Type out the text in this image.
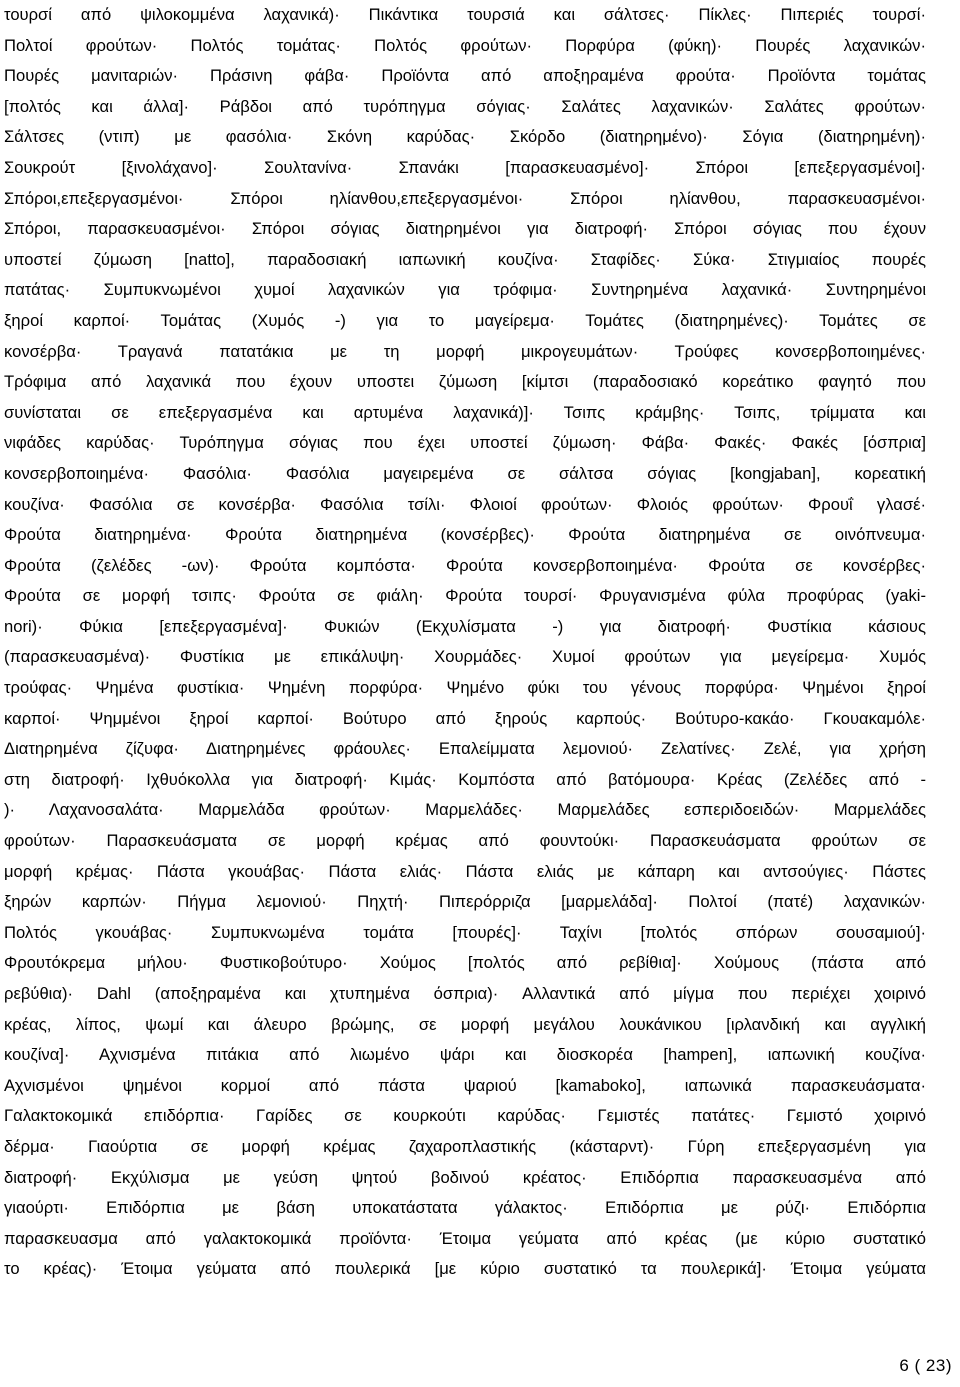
τουρσί από ψιλοκομμένα λαχανικά)· Πικάντικα τουρσιά και σάλτσες· Πίκλες· Πιπεριές τουρσί·
Πολτοί φρούτων· Πολτός τομάτας· Πολτός φρούτων· Πορφύρα (φύκη)· Πουρές λαχανικών·
Πουρές μανιταριών· Πράσινη φάβα· Προϊόντα από αποξηραμένα φρούτα· Προϊόντα τομάτας
[πολτός και άλλα]· Ράβδοι από τυρόπηγμα σόγιας· Σαλάτες λαχανικών· Σαλάτες φρούτων·
Σάλτσες (ντιπ) με φασόλια· Σκόνη καρύδας· Σκόρδο (διατηρημένο)· Σόγια (διατηρημένη)·
Σουκρούτ [ξινολάχανο]· Σουλτανίνα· Σπανάκι [παρασκευασμένο]· Σπόροι [επεξεργασμένοι]·
Σπόροι,επεξεργασμένοι· Σπόροι ηλίανθου,επεξεργασμένοι· Σπόροι ηλίανθου, παρασκευασμένοι·
Σπόροι, παρασκευασμένοι· Σπόροι σόγιας διατηρημένοι για διατροφή· Σπόροι σόγιας που έχουν
υποστεί ζύμωση [natto], παραδοσιακή ιαπωνική κουζίνα· Σταφίδες· Σύκα· Στιγμιαίος πουρές
πατάτας· Συμπυκνωμένοι χυμοί λαχανικών για τρόφιμα· Συντηρημένα λαχανικά· Συντηρημένοι
ξηροί καρποί· Τομάτας (Χυμός -) για το μαγείρεμα· Τομάτες (διατηρημένες)· Τομάτες σε
κονσέρβα· Τραγανά πατατάκια με τη μορφή μικρογευμάτων· Τρούφες κονσερβοποιημένες·
Τρόφιμα από λαχανικά που έχουν υποστει ζύμωση [κίμτσι (παραδοσιακό κορεάτικο φαγητό που
συνίσταται σε επεξεργασμένα και αρτυμένα λαχανικά)]· Τσιπς κράμβης· Τσιπς, τρίμματα και
νιφάδες καρύδας· Τυρόπηγμα σόγιας που έχει υποστεί ζύμωση· Φάβα· Φακές· Φακές [όσπρια]
κονσερβοποιημένα· Φασόλια· Φασόλια μαγειρεμένα σε σάλτσα σόγιας [kongjaban], κορεατική
κουζίνα· Φασόλια σε κονσέρβα· Φασόλια τσίλι· Φλοιοί φρούτων· Φλοιός φρούτων· Φρουΐ γλασέ·
Φρούτα διατηρημένα· Φρούτα διατηρημένα (κονσέρβες)· Φρούτα διατηρημένα σε οινόπνευμα·
Φρούτα (ζελέδες -ων)· Φρούτα κομπόστα· Φρούτα κονσερβοποιημένα· Φρούτα σε κονσέρβες·
Φρούτα σε μορφή τσιπς· Φρούτα σε φιάλη· Φρούτα τουρσί· Φρυγανισμένα φύλα προφύρας (yaki-
nori)· Φύκια [επεξεργασμένα]· Φυκιών (Εκχυλίσματα -) για διατροφή· Φυστίκια κάσιους
(παρασκευασμένα)· Φυστίκια με επικάλυψη· Χουρμάδες· Χυμοί φρούτων για μεγείρεμα· Χυμός
τρούφας· Ψημένα φυστίκια· Ψημένη πορφύρα· Ψημένο φύκι του γένους πορφύρα· Ψημένοι ξηροί
καρποί· Ψημμένοι ξηροί καρποί· Βούτυρο από ξηρούς καρπούς· Βούτυρο-κακάο· Γκουακαμόλε·
Διατηρημένα ζίζυφα· Διατηρημένες φράουλες· Επαλείμματα λεμονιού· Ζελατίνες· Ζελέ, για χρήση
στη διατροφή· Ιχθυόκολλα για διατροφή· Κιμάς· Κομπόστα από βατόμουρα· Κρέας (Ζελέδες από -
)· Λαχανοσαλάτα· Μαρμελάδα φρούτων· Μαρμελάδες· Μαρμελάδες εσπεριδοειδών· Μαρμελάδες
φρούτων· Παρασκευάσματα σε μορφή κρέμας από φουντούκι· Παρασκευάσματα φρούτων σε
μορφή κρέμας· Πάστα γκουάβας· Πάστα ελιάς· Πάστα ελιάς με κάπαρη και αντσούγιες· Πάστες
ξηρών καρπών· Πήγμα λεμονιού· Πηχτή· Πιπερόρριζα [μαρμελάδα]· Πολτοί (πατέ) λαχανικών·
Πολτός γκουάβας· Συμπυκνωμένα τομάτα [πουρές]· Ταχίνι [πολτός σπόρων σουσαμιού]·
Φρουτόκρεμα μήλου· Φυστικοβούτυρο· Χούμος [πολτός από ρεβίθια]· Χούμους (πάστα από
ρεβύθια)· Dahl (αποξηραμένα και χτυπημένα όσπρια)· Αλλαντικά από μίγμα που περιέχει χοιρινό
κρέας, λίπος, ψωμί και άλευρο βρώμης, σε μορφή μεγάλου λουκάνικου [ιρλανδική και αγγλική
κουζίνα]· Αχνισμένα πιτάκια από λιωμένο ψάρι και διοσκορέα [hampen], ιαπωνική κουζίνα·
Αχνισμένοι ψημένοι κορμοί από πάστα ψαριού [kamaboko], ιαπωνικά παρασκευάσματα·
Γαλακτοκομικά επιδόρπια· Γαρίδες σε κουρκούτι καρύδας· Γεμιστές πατάτες· Γεμιστό χοιρινό
δέρμα· Γιαούρτια σε μορφή κρέμας ζαχαροπλαστικής (κάσταρντ)· Γύρη επεξεργασμένη για
διατροφή· Εκχύλισμα με γεύση ψητού βοδινού κρέατος· Επιδόρπια παρασκευασμένα από
γιαούρτι· Επιδόρπια με βάση υποκατάστατα γάλακτος· Επιδόρπια με ρύζι· Επιδόρπια
παρασκευασμα από γαλακτοκομικά προϊόντα· Έτοιμα γεύματα από κρέας (με κύριο συστατικό
το κρέας)· Έτοιμα γεύματα από πουλερικά [με κύριο συστατικό τα πουλερικά]· Έτοιμα γεύματα
6 ( 23)
